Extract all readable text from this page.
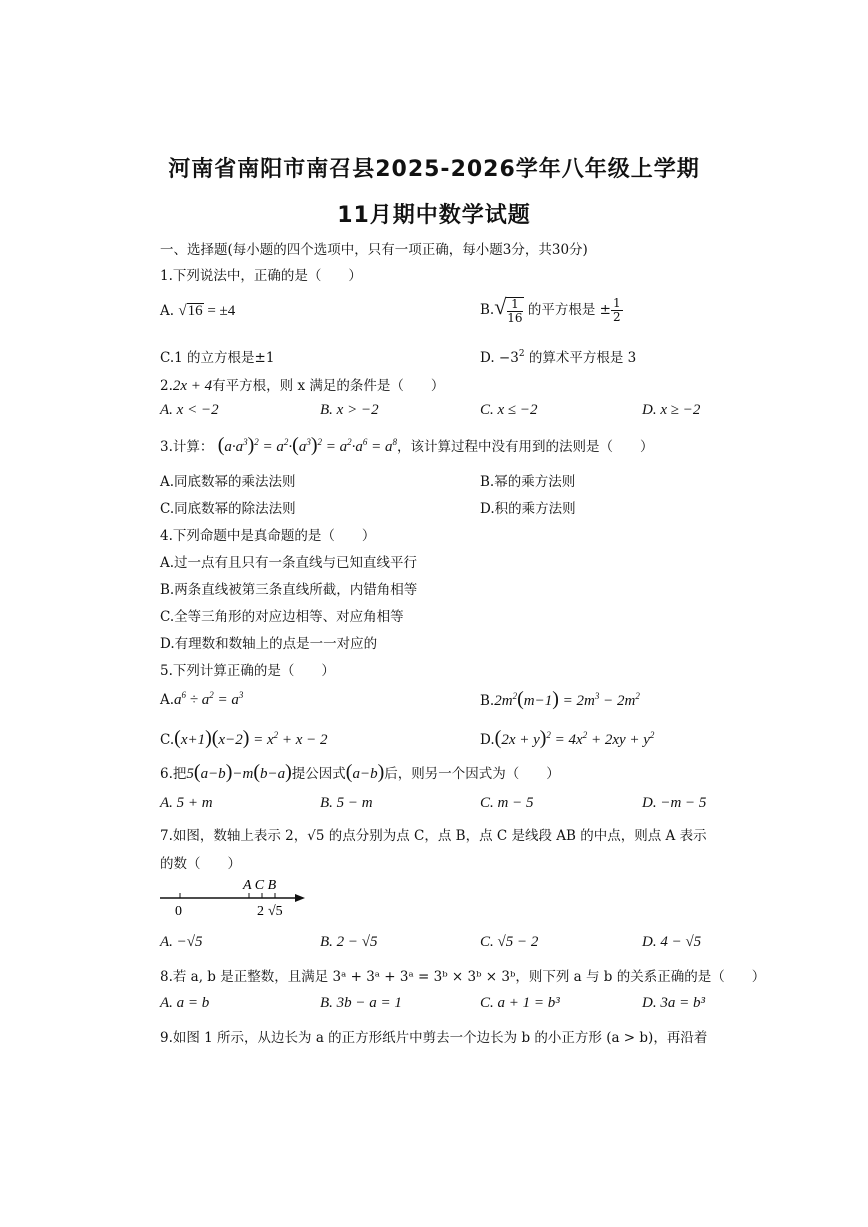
河南省南阳市南召县2025-2026学年八年级上学期
11月期中数学试题
一、选择题(每小题的四个选项中，只有一项正确，每小题3分，共30分)
1.下列说法中，正确的是（　　）
A. √16 = ±4	$B.√ \frac{1}{16}$ 的平方根是 ± $\frac{1}{2}$
C.1 的立方根是±1	D. $-3^2$ 的算术平方根是 3
2.2x + 4有平方根，则 x 满足的条件是（　　）
A. x < −2	B. x > −2	C. x ≤ −2	D. x ≥ −2
3.计算： $(a\cdot a^3)^2 = a^2\cdot(a^3)^2 = a^2\cdot a^6 = a^8$，该计算过程中没有用到的法则是（　　）
A.同底数幂的乘法法则	B.幂的乘方法则
C.同底数幂的除法法则	D.积的乘方法则
4.下列命题中是真命题的是（　　）
A.过一点有且只有一条直线与已知直线平行
B.两条直线被第三条直线所截，内错角相等
C.全等三角形的对应边相等、对应角相等
D.有理数和数轴上的点是一一对应的
5.下列计算正确的是（　　）
$A.a^6 \div a^2 = a^3$	$B.2m^2(m-1) = 2m^3 - 2m^2$
$C.(x+1)(x-2) = x^2 + x - 2$	$D.(2x + y)^2 = 4x^2 + 2xy + y^2$
6.把5(a−b)−m(b−a)提公因式(a−b)后，则另一个因式为（　　）
A. 5 + m	B. 5 − m	C. m − 5	D. −m − 5
7.如图，数轴上表示 2，√5 的点分别为点 C，点 B，点 C 是线段 AB 的中点，则点 A 表示
的数（　　）
A C B
0	2 √5
A. −√5	B. 2 − √5	C. √5 − 2	D. 4 − √5
8.若 a, b 是正整数，且满足 3ᵃ + 3ᵃ + 3ᵃ = 3ᵇ × 3ᵇ × 3ᵇ，则下列 a 与 b 的关系正确的是（　　）
A. a = b	B. 3b − a = 1	C. a + 1 = b³	D. 3a = b³
9.如图 1 所示，从边长为 a 的正方形纸片中剪去一个边长为 b 的小正方形 (a > b)，再沿着
